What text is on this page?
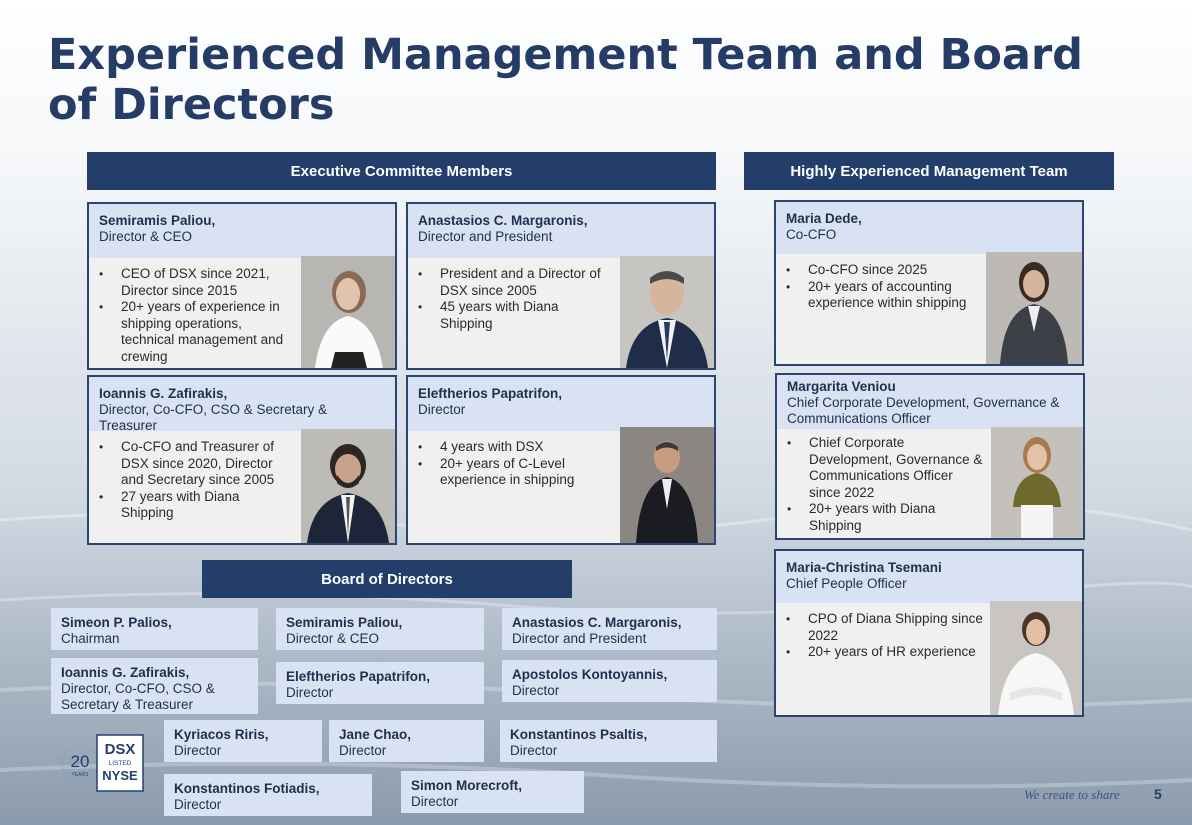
Experienced Management Team and Board of Directors
Executive Committee Members	Highly Experienced Management Team
Board of Directors
Semiramis Paliou,
Director & CEO
• CEO of DSX since 2021, Director since 2015
• 20+ years of experience in shipping operations, technical management and crewing
Anastasios C. Margaronis,
Director and President
• President and a Director of DSX since 2005
• 45 years with Diana Shipping
Ioannis G. Zafirakis,
Director, Co-CFO, CSO & Secretary & Treasurer
• Co-CFO and Treasurer of DSX since 2020, Director and Secretary since 2005
• 27 years with Diana Shipping
Eleftherios Papatrifon,
Director
• 4 years with DSX
• 20+ years of C-Level experience in shipping
Maria Dede,
Co-CFO
• Co-CFO since 2025
• 20+ years of accounting experience within shipping
Margarita Veniou
Chief Corporate Development, Governance & Communications Officer
• Chief Corporate Development, Governance & Communications Officer since 2022
• 20+ years with Diana Shipping
Maria-Christina Tsemani
Chief People Officer
• CPO of Diana Shipping since 2022
• 20+ years of HR experience
Simeon P. Palios,
Chairman
Semiramis Paliou,
Director & CEO
Anastasios C. Margaronis,
Director and President
Ioannis G. Zafirakis,
Director, Co-CFO, CSO & Secretary & Treasurer
Eleftherios Papatrifon,
Director
Apostolos Kontoyannis,
Director
Kyriacos Riris,
Director
Jane Chao,
Director
Konstantinos Psaltis,
Director
Konstantinos Fotiadis,
Director
Simon Morecroft,
Director
20
YEARS
DSX
LISTED
NYSE
We create to share 5
